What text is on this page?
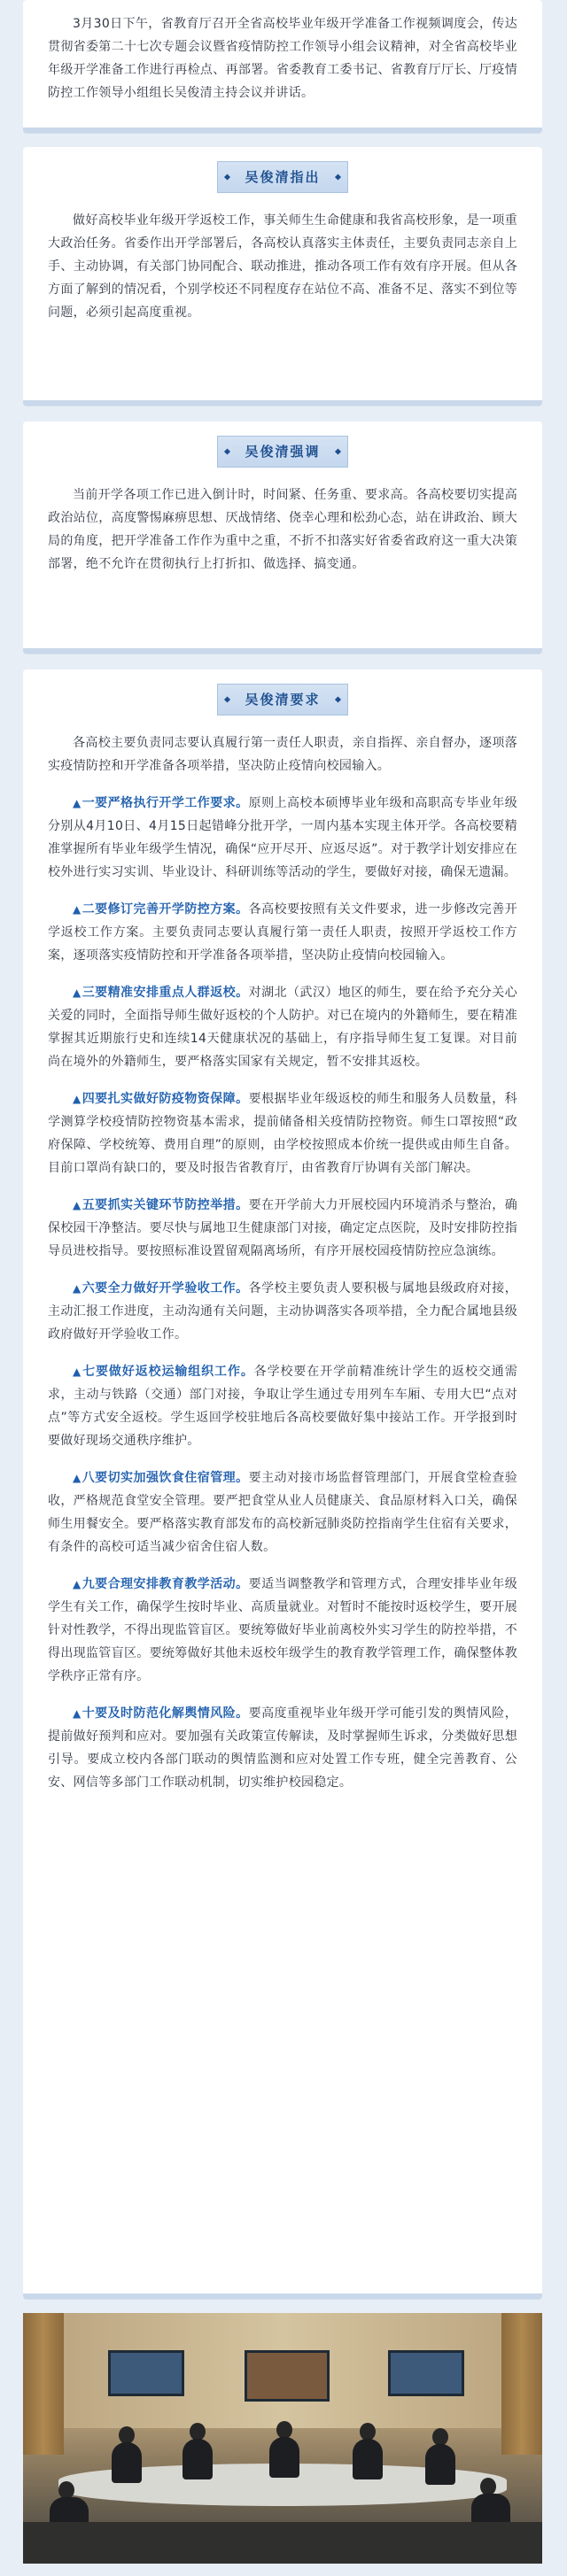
3月30日下午，省教育厅召开全省高校毕业年级开学准备工作视频调度会，传达贯彻省委第二十七次专题会议暨省疫情防控工作领导小组会议精神，对全省高校毕业年级开学准备工作进行再检点、再部署。省委教育工委书记、省教育厅厅长、厅疫情防控工作领导小组组长吴俊清主持会议并讲话。

吴俊清指出

做好高校毕业年级开学返校工作，事关师生生命健康和我省高校形象，是一项重大政治任务。省委作出开学部署后，各高校认真落实主体责任，主要负责同志亲自上手、主动协调，有关部门协同配合、联动推进，推动各项工作有效有序开展。但从各方面了解到的情况看，个别学校还不同程度存在站位不高、准备不足、落实不到位等问题，必须引起高度重视。

吴俊清强调

当前开学各项工作已进入倒计时，时间紧、任务重、要求高。各高校要切实提高政治站位，高度警惕麻痹思想、厌战情绪、侥幸心理和松劲心态，站在讲政治、顾大局的角度，把开学准备工作作为重中之重，不折不扣落实好省委省政府这一重大决策部署，绝不允许在贯彻执行上打折扣、做选择、搞变通。

吴俊清要求

各高校主要负责同志要认真履行第一责任人职责，亲自指挥、亲自督办，逐项落实疫情防控和开学准备各项举措，坚决防止疫情向校园输入。

▲一要严格执行开学工作要求。原则上高校本硕博毕业年级和高职高专毕业年级分别从4月10日、4月15日起错峰分批开学，一周内基本实现主体开学。各高校要精准掌握所有毕业年级学生情况，确保“应开尽开、应返尽返”。对于教学计划安排应在校外进行实习实训、毕业设计、科研训练等活动的学生，要做好对接，确保无遗漏。

▲二要修订完善开学防控方案。各高校要按照有关文件要求，进一步修改完善开学返校工作方案。主要负责同志要认真履行第一责任人职责，按照开学返校工作方案，逐项落实疫情防控和开学准备各项举措，坚决防止疫情向校园输入。

▲三要精准安排重点人群返校。对湖北（武汉）地区的师生，要在给予充分关心关爱的同时，全面指导师生做好返校的个人防护。对已在境内的外籍师生，要在精准掌握其近期旅行史和连续14天健康状况的基础上，有序指导师生复工复课。对目前尚在境外的外籍师生，要严格落实国家有关规定，暂不安排其返校。

▲四要扎实做好防疫物资保障。要根据毕业年级返校的师生和服务人员数量，科学测算学校疫情防控物资基本需求，提前储备相关疫情防控物资。师生口罩按照“政府保障、学校统筹、费用自理”的原则，由学校按照成本价统一提供或由师生自备。目前口罩尚有缺口的，要及时报告省教育厅，由省教育厅协调有关部门解决。

▲五要抓实关键环节防控举措。要在开学前大力开展校园内环境消杀与整治，确保校园干净整洁。要尽快与属地卫生健康部门对接，确定定点医院，及时安排防控指导员进校指导。要按照标准设置留观隔离场所，有序开展校园疫情防控应急演练。

▲六要全力做好开学验收工作。各学校主要负责人要积极与属地县级政府对接，主动汇报工作进度，主动沟通有关问题，主动协调落实各项举措，全力配合属地县级政府做好开学验收工作。

▲七要做好返校运输组织工作。各学校要在开学前精准统计学生的返校交通需求，主动与铁路（交通）部门对接，争取让学生通过专用列车车厢、专用大巴“点对点”等方式安全返校。学生返回学校驻地后各高校要做好集中接站工作。开学报到时要做好现场交通秩序维护。

▲八要切实加强饮食住宿管理。要主动对接市场监督管理部门，开展食堂检查验收，严格规范食堂安全管理。要严把食堂从业人员健康关、食品原材料入口关，确保师生用餐安全。要严格落实教育部发布的高校新冠肺炎防控指南学生住宿有关要求，有条件的高校可适当减少宿舍住宿人数。

▲九要合理安排教育教学活动。要适当调整教学和管理方式，合理安排毕业年级学生有关工作，确保学生按时毕业、高质量就业。对暂时不能按时返校学生，要开展针对性教学，不得出现监管盲区。要统筹做好毕业前离校外实习学生的防控举措，不得出现监管盲区。要统筹做好其他未返校年级学生的教育教学管理工作，确保整体教学秩序正常有序。

▲十要及时防范化解舆情风险。要高度重视毕业年级开学可能引发的舆情风险，提前做好预判和应对。要加强有关政策宣传解读，及时掌握师生诉求，分类做好思想引导。要成立校内各部门联动的舆情监测和应对处置工作专班，健全完善教育、公安、网信等多部门工作联动机制，切实维护校园稳定。
